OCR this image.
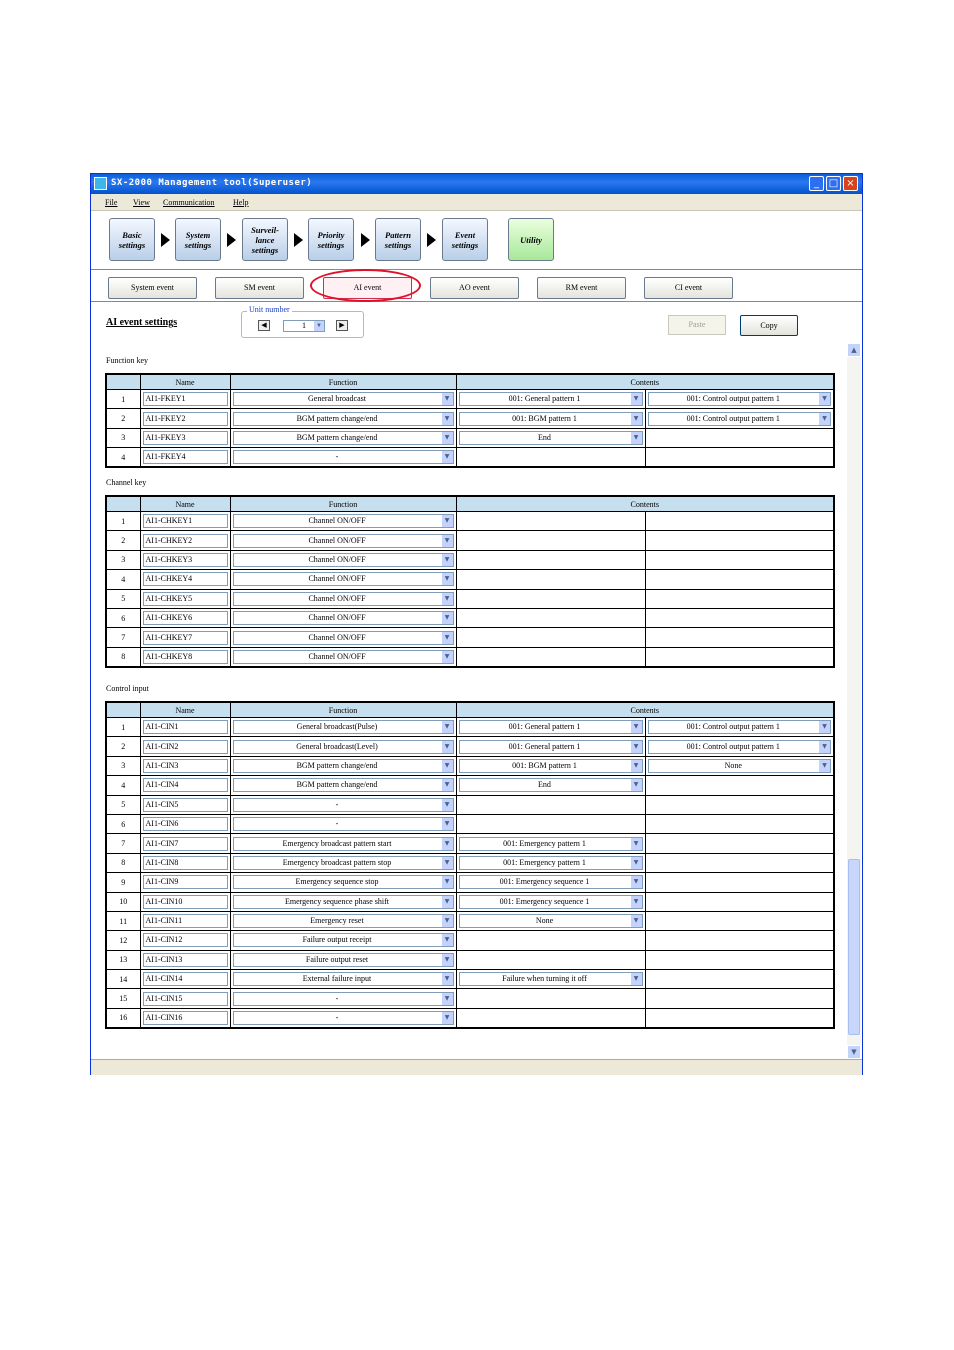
SX-2000 Management tool(Superuser)	_ □ ×
File View Communication Help
Basic
settings
System
settings
Surveil-
lance
settings
Priority
settings
Pattern
settings
Event
settings	Utility
System event	SM event	AI event	AO event	RM event	CI event
AI event settings
Unit number
◀	1	▼	▶	Paste	Copy
Function key
	Name	Function	Contents	
1	AI1-FKEY1	General broadcast ▼	001: General pattern 1 ▼	001: Control output pattern 1 ▼

2	AI1-FKEY2	BGM pattern change/end ▼	001: BGM pattern 1 ▼	001: Control output pattern 1 ▼

3	AI1-FKEY3	BGM pattern change/end ▼	End ▼	

4	AI1-FKEY4	- ▼		

Channel key
	Name	Function	Contents	
1	AI1-CHKEY1	Channel ON/OFF ▼		

2	AI1-CHKEY2	Channel ON/OFF ▼		

3	AI1-CHKEY3	Channel ON/OFF ▼		

4	AI1-CHKEY4	Channel ON/OFF ▼		

5	AI1-CHKEY5	Channel ON/OFF ▼		

6	AI1-CHKEY6	Channel ON/OFF ▼		

7	AI1-CHKEY7	Channel ON/OFF ▼		

8	AI1-CHKEY8	Channel ON/OFF ▼		

Control input
	Name	Function	Contents	
1	AI1-CIN1	General broadcast(Pulse) ▼	001: General pattern 1 ▼	001: Control output pattern 1 ▼

2	AI1-CIN2	General broadcast(Level) ▼	001: General pattern 1 ▼	001: Control output pattern 1 ▼

3	AI1-CIN3	BGM pattern change/end ▼	001: BGM pattern 1 ▼	None ▼

4	AI1-CIN4	BGM pattern change/end ▼	End ▼	

5	AI1-CIN5	- ▼		

6	AI1-CIN6	- ▼		

7	AI1-CIN7	Emergency broadcast pattern start ▼	001: Emergency pattern 1 ▼	

8	AI1-CIN8	Emergency broadcast pattern stop ▼	001: Emergency pattern 1 ▼	

9	AI1-CIN9	Emergency sequence stop ▼	001: Emergency sequence 1 ▼	

10	AI1-CIN10	Emergency sequence phase shift ▼	001: Emergency sequence 1 ▼	

11	AI1-CIN11	Emergency reset ▼	None ▼	

12	AI1-CIN12	Failure output receipt ▼		

13	AI1-CIN13	Failure output reset ▼		

14	AI1-CIN14	External failure input ▼	Failure when turning it off ▼	

15	AI1-CIN15	- ▼		

16	AI1-CIN16	- ▼		

▲
▼
